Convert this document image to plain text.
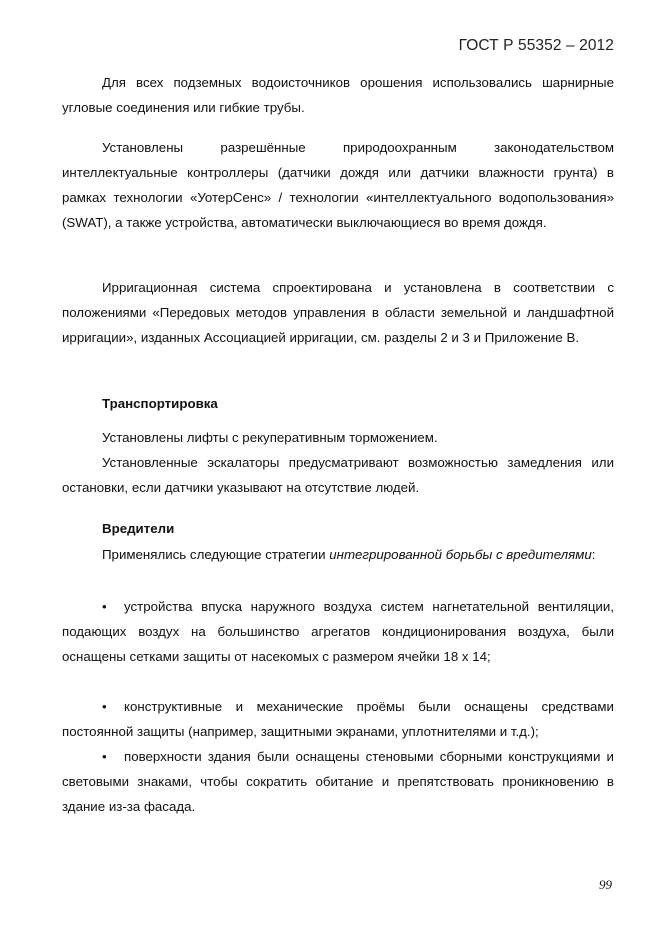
ГОСТ Р 55352 – 2012
Для всех подземных водоисточников орошения использовались шарнирные угловые соединения или гибкие трубы.
Установлены разрешённые природоохранным законодательством интеллектуальные контроллеры (датчики дождя или датчики влажности грунта) в рамках технологии «УотерСенс» / технологии «интеллектуального водопользования» (SWAT), а также устройства, автоматически выключающиеся во время дождя.
Ирригационная система спроектирована и установлена в соответствии с положениями «Передовых методов управления в области земельной и ландшафтной ирригации», изданных Ассоциацией ирригации, см. разделы 2 и 3 и Приложение В.
Транспортировка
Установлены лифты с рекуперативным торможением.
Установленные эскалаторы предусматривают возможностью замедления или остановки, если датчики указывают на отсутствие людей.
Вредители
Применялись следующие стратегии интегрированной борьбы с вредителями:
• устройства впуска наружного воздуха систем нагнетательной вентиляции, подающих воздух на большинство агрегатов кондиционирования воздуха, были оснащены сетками защиты от насекомых с размером ячейки 18 х 14;
• конструктивные и механические проёмы были оснащены средствами постоянной защиты (например, защитными экранами, уплотнителями и т.д.);
• поверхности здания были оснащены стеновыми сборными конструкциями и световыми знаками, чтобы сократить обитание и препятствовать проникновению в здание из-за фасада.
99
